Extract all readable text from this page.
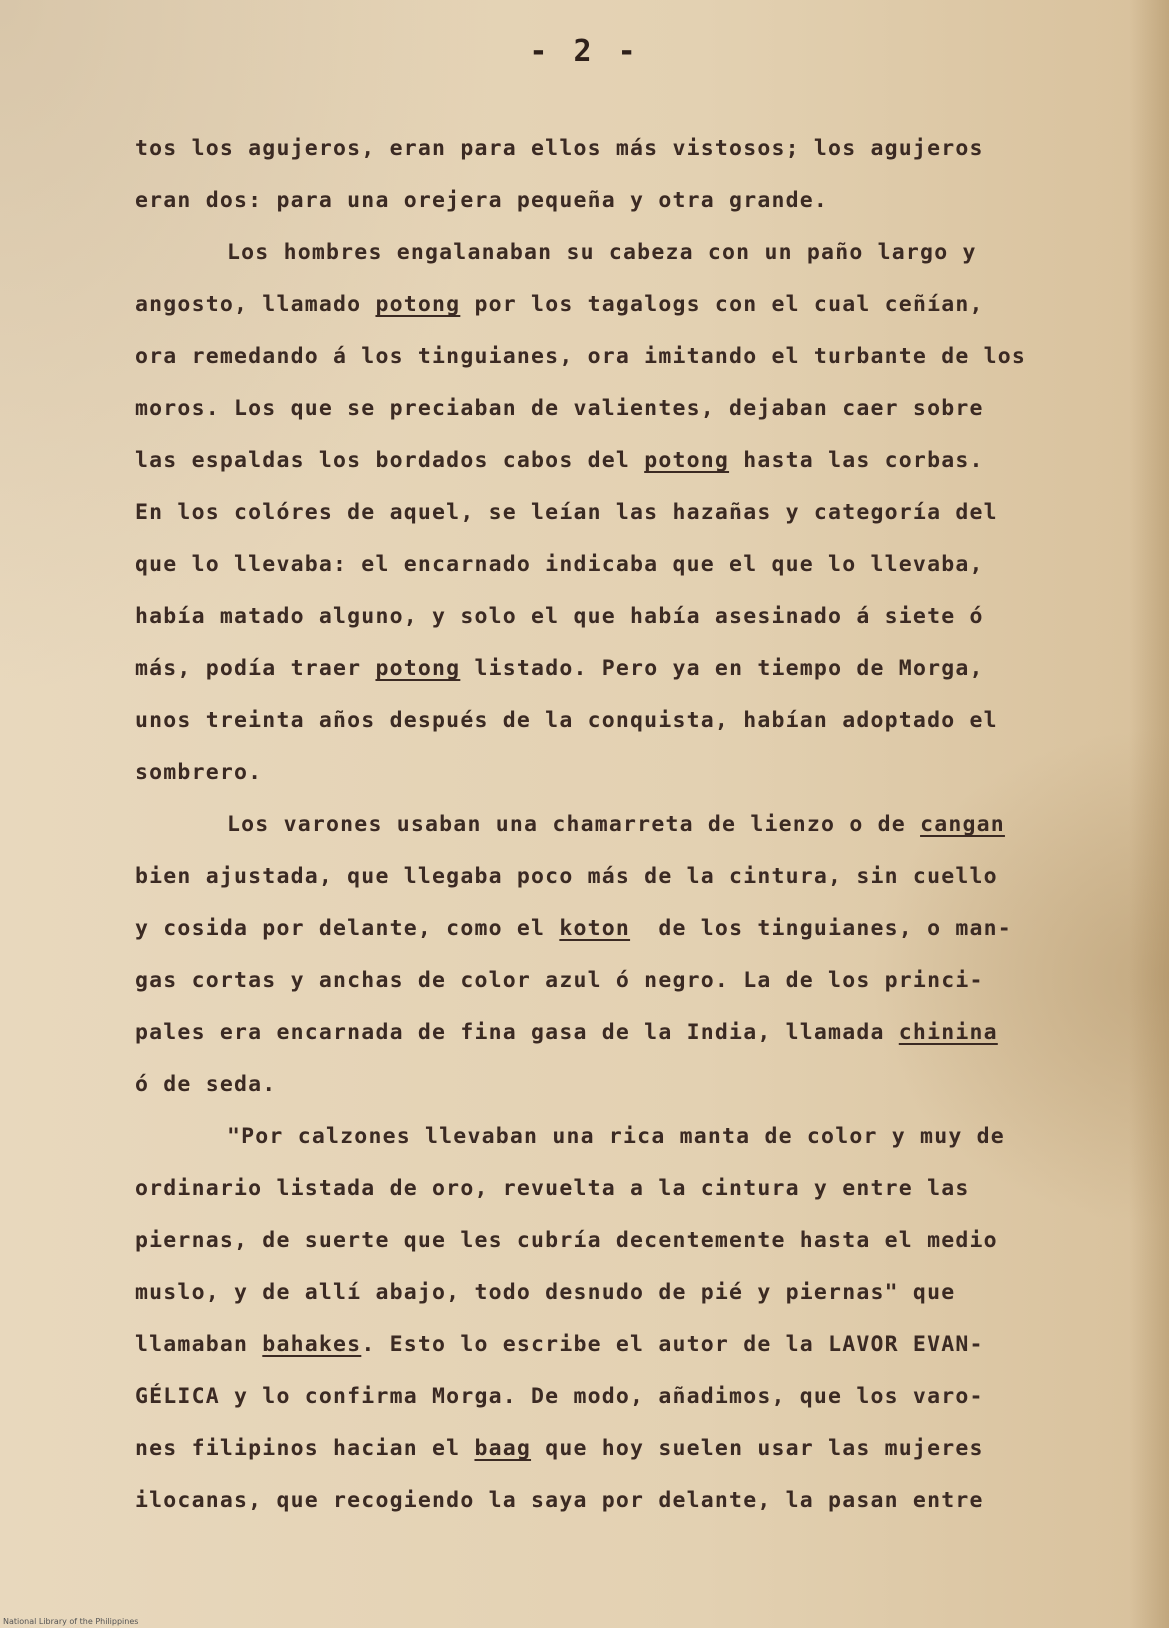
- 2 -
tos los agujeros, eran para ellos más vistosos; los agujeros
eran dos: para una orejera pequeña y otra grande.
Los hombres engalanaban su cabeza con un paño largo y
angosto, llamado potong por los tagalogs con el cual ceñían,
ora remedando á los tinguianes, ora imitando el turbante de los
moros. Los que se preciaban de valientes, dejaban caer sobre
las espaldas los bordados cabos del potong hasta las corbas.
En los colóres de aquel, se leían las hazañas y categoría del
que lo llevaba: el encarnado indicaba que el que lo llevaba,
había matado alguno, y solo el que había asesinado á siete ó
más, podía traer potong listado. Pero ya en tiempo de Morga,
unos treinta años después de la conquista, habían adoptado el
sombrero.
Los varones usaban una chamarreta de lienzo o de cangan
bien ajustada, que llegaba poco más de la cintura, sin cuello
y cosida por delante, como el koton  de los tinguianes, o man-
gas cortas y anchas de color azul ó negro. La de los princi-
pales era encarnada de fina gasa de la India, llamada chinina
ó de seda.
"Por calzones llevaban una rica manta de color y muy de
ordinario listada de oro, revuelta a la cintura y entre las
piernas, de suerte que les cubría decentemente hasta el medio
muslo, y de allí abajo, todo desnudo de pié y piernas" que
llamaban bahakes. Esto lo escribe el autor de la LAVOR EVAN-
GÉLICA y lo confirma Morga. De modo, añadimos, que los varo-
nes filipinos hacian el baag que hoy suelen usar las mujeres
ilocanas, que recogiendo la saya por delante, la pasan entre
National Library of the Philippines
